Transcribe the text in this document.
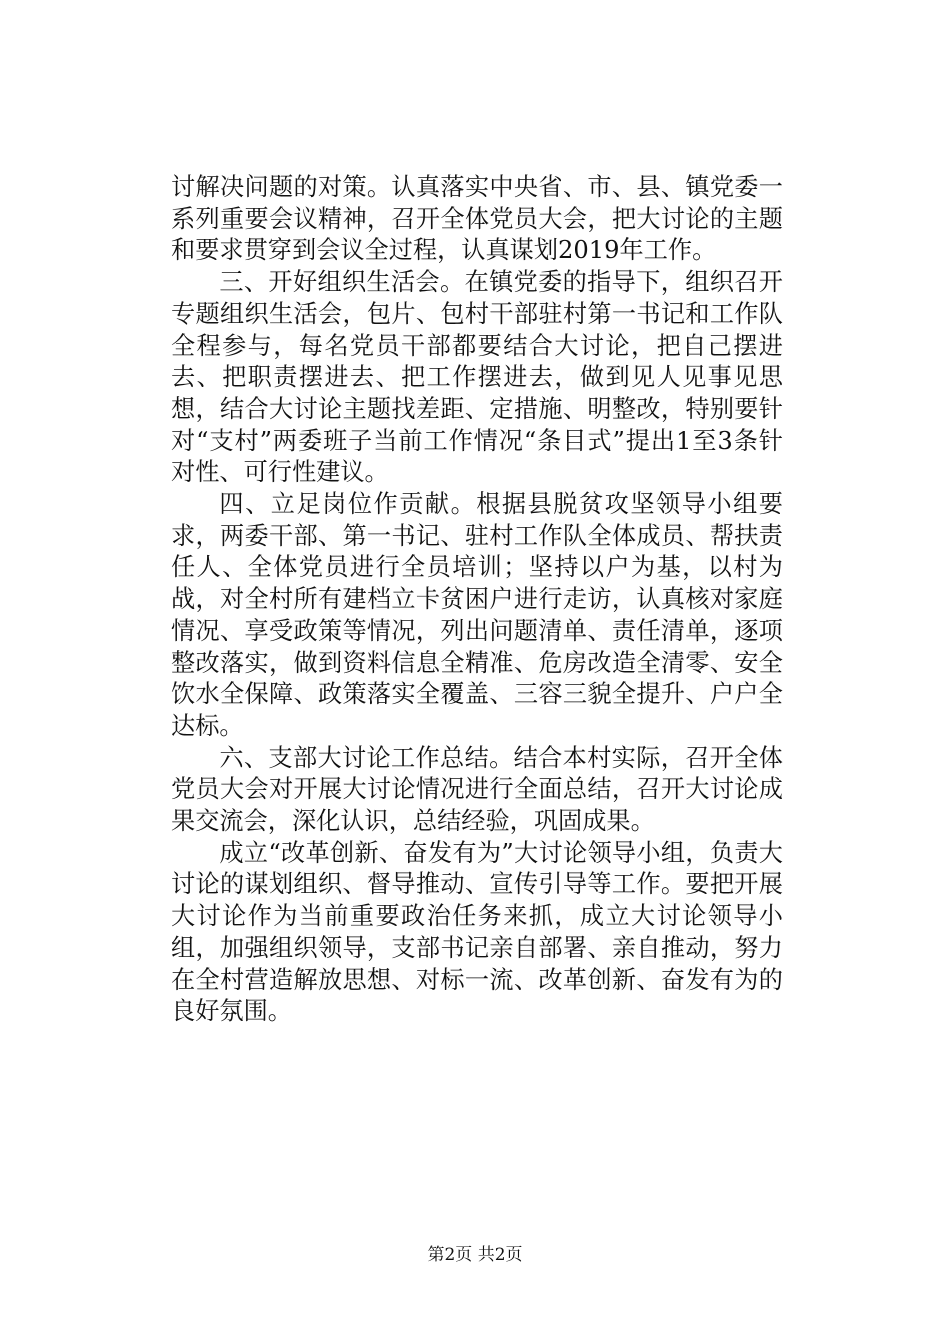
讨解决问题的对策。认真落实中央省、市、县、镇党委一系列重要会议精神，召开全体党员大会，把大讨论的主题和要求贯穿到会议全过程，认真谋划2019年工作。

三、开好组织生活会。在镇党委的指导下，组织召开专题组织生活会，包片、包村干部驻村第一书记和工作队全程参与，每名党员干部都要结合大讨论，把自己摆进去、把职责摆进去、把工作摆进去，做到见人见事见思想，结合大讨论主题找差距、定措施、明整改，特别要针对“支村”两委班子当前工作情况“条目式”提出1至3条针对性、可行性建议。

四、立足岗位作贡献。根据县脱贫攻坚领导小组要求，两委干部、第一书记、驻村工作队全体成员、帮扶责任人、全体党员进行全员培训；坚持以户为基，以村为战，对全村所有建档立卡贫困户进行走访，认真核对家庭情况、享受政策等情况，列出问题清单、责任清单，逐项整改落实，做到资料信息全精准、危房改造全清零、安全饮水全保障、政策落实全覆盖、三容三貌全提升、户户全达标。

六、支部大讨论工作总结。结合本村实际，召开全体党员大会对开展大讨论情况进行全面总结，召开大讨论成果交流会，深化认识，总结经验，巩固成果。

成立“改革创新、奋发有为”大讨论领导小组，负责大讨论的谋划组织、督导推动、宣传引导等工作。要把开展大讨论作为当前重要政治任务来抓，成立大讨论领导小组，加强组织领导，支部书记亲自部署、亲自推动，努力在全村营造解放思想、对标一流、改革创新、奋发有为的良好氛围。

第2页 共2页
